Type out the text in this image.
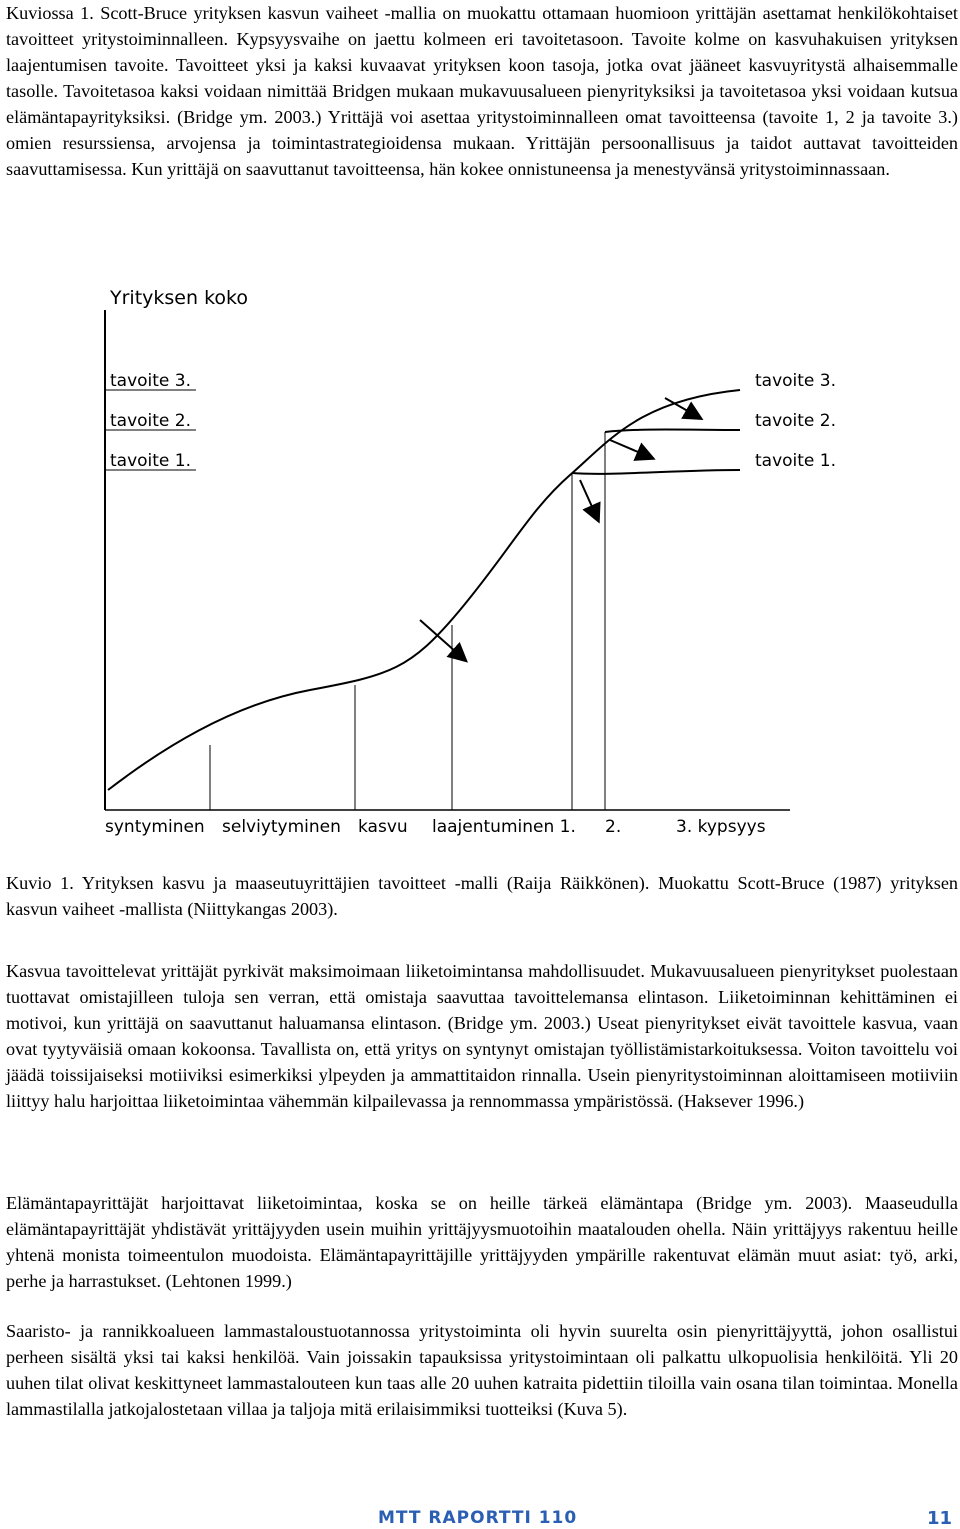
Kuviossa 1. Scott-Bruce yrityksen kasvun vaiheet -mallia on muokattu ottamaan huomioon yrittäjän asettamat henkilökohtaiset tavoitteet yritystoiminnalleen. Kypsyysvaihe on jaettu kolmeen eri tavoitetasoon. Tavoite kolme on kasvuhakuisen yrityksen laajentumisen tavoite. Tavoitteet yksi ja kaksi kuvaavat yrityksen koon tasoja, jotka ovat jääneet kasvuyritystä alhaisemmalle tasolle. Tavoitetasoa kaksi voidaan nimittää Bridgen mukaan mukavuusalueen pienyrityksiksi ja tavoitetasoa yksi voidaan kutsua elämäntapayrityksiksi. (Bridge ym. 2003.) Yrittäjä voi asettaa yritystoiminnalleen omat tavoitteensa (tavoite 1, 2 ja tavoite 3.) omien resurssiensa, arvojensa ja toimintastrategioidensa mukaan. Yrittäjän persoonallisuus ja taidot auttavat tavoitteiden saavuttamisessa. Kun yrittäjä on saavuttanut tavoitteensa, hän kokee onnistuneensa ja menestyvänsä yritystoiminnassaan.

Yrityksen koko
tavoite 3.
tavoite 2.
tavoite 1.
tavoite 3.
tavoite 2.
tavoite 1.
syntyminen selviytyminen kasvu laajentuminen 1. 2.	3. kypsyys

Kuvio 1. Yrityksen kasvu ja maaseutuyrittäjien tavoitteet -malli (Raija Räikkönen). Muokattu Scott-Bruce (1987) yrityksen kasvun vaiheet -mallista (Niittykangas 2003).

Kasvua tavoittelevat yrittäjät pyrkivät maksimoimaan liiketoimintansa mahdollisuudet. Mukavuusalueen pienyritykset puolestaan tuottavat omistajilleen tuloja sen verran, että omistaja saavuttaa tavoittelemansa elintason. Liiketoiminnan kehittäminen ei motivoi, kun yrittäjä on saavuttanut haluamansa elintason. (Bridge ym. 2003.) Useat pienyritykset eivät tavoittele kasvua, vaan ovat tyytyväisiä omaan kokoonsa. Tavallista on, että yritys on syntynyt omistajan työllistämistarkoituksessa. Voiton tavoittelu voi jäädä toissijaiseksi motiiviksi esimerkiksi ylpeyden ja ammattitaidon rinnalla. Usein pienyritystoiminnan aloittamiseen motiiviin liittyy halu harjoittaa liiketoimintaa vähemmän kilpailevassa ja rennommassa ympäristössä. (Haksever 1996.)

Elämäntapayrittäjät harjoittavat liiketoimintaa, koska se on heille tärkeä elämäntapa (Bridge ym. 2003). Maaseudulla elämäntapayrittäjät yhdistävät yrittäjyyden usein muihin yrittäjyysmuotoihin maatalouden ohella. Näin yrittäjyys rakentuu heille yhtenä monista toimeentulon muodoista. Elämäntapayrittäjille yrittäjyyden ympärille rakentuvat elämän muut asiat: työ, arki, perhe ja harrastukset. (Lehtonen 1999.)

Saaristo- ja rannikkoalueen lammastaloustuotannossa yritystoiminta oli hyvin suurelta osin pienyrittäjyyttä, johon osallistui perheen sisältä yksi tai kaksi henkilöä. Vain joissakin tapauksissa yritystoimintaan oli palkattu ulkopuolisia henkilöitä. Yli 20 uuhen tilat olivat keskittyneet lammastalouteen kun taas alle 20 uuhen katraita pidettiin tiloilla vain osana tilan toimintaa. Monella lammastilalla jatkojalostetaan villaa ja taljoja mitä erilaisimmiksi tuotteiksi (Kuva 5).

MTT RAPORTTI 110	11
